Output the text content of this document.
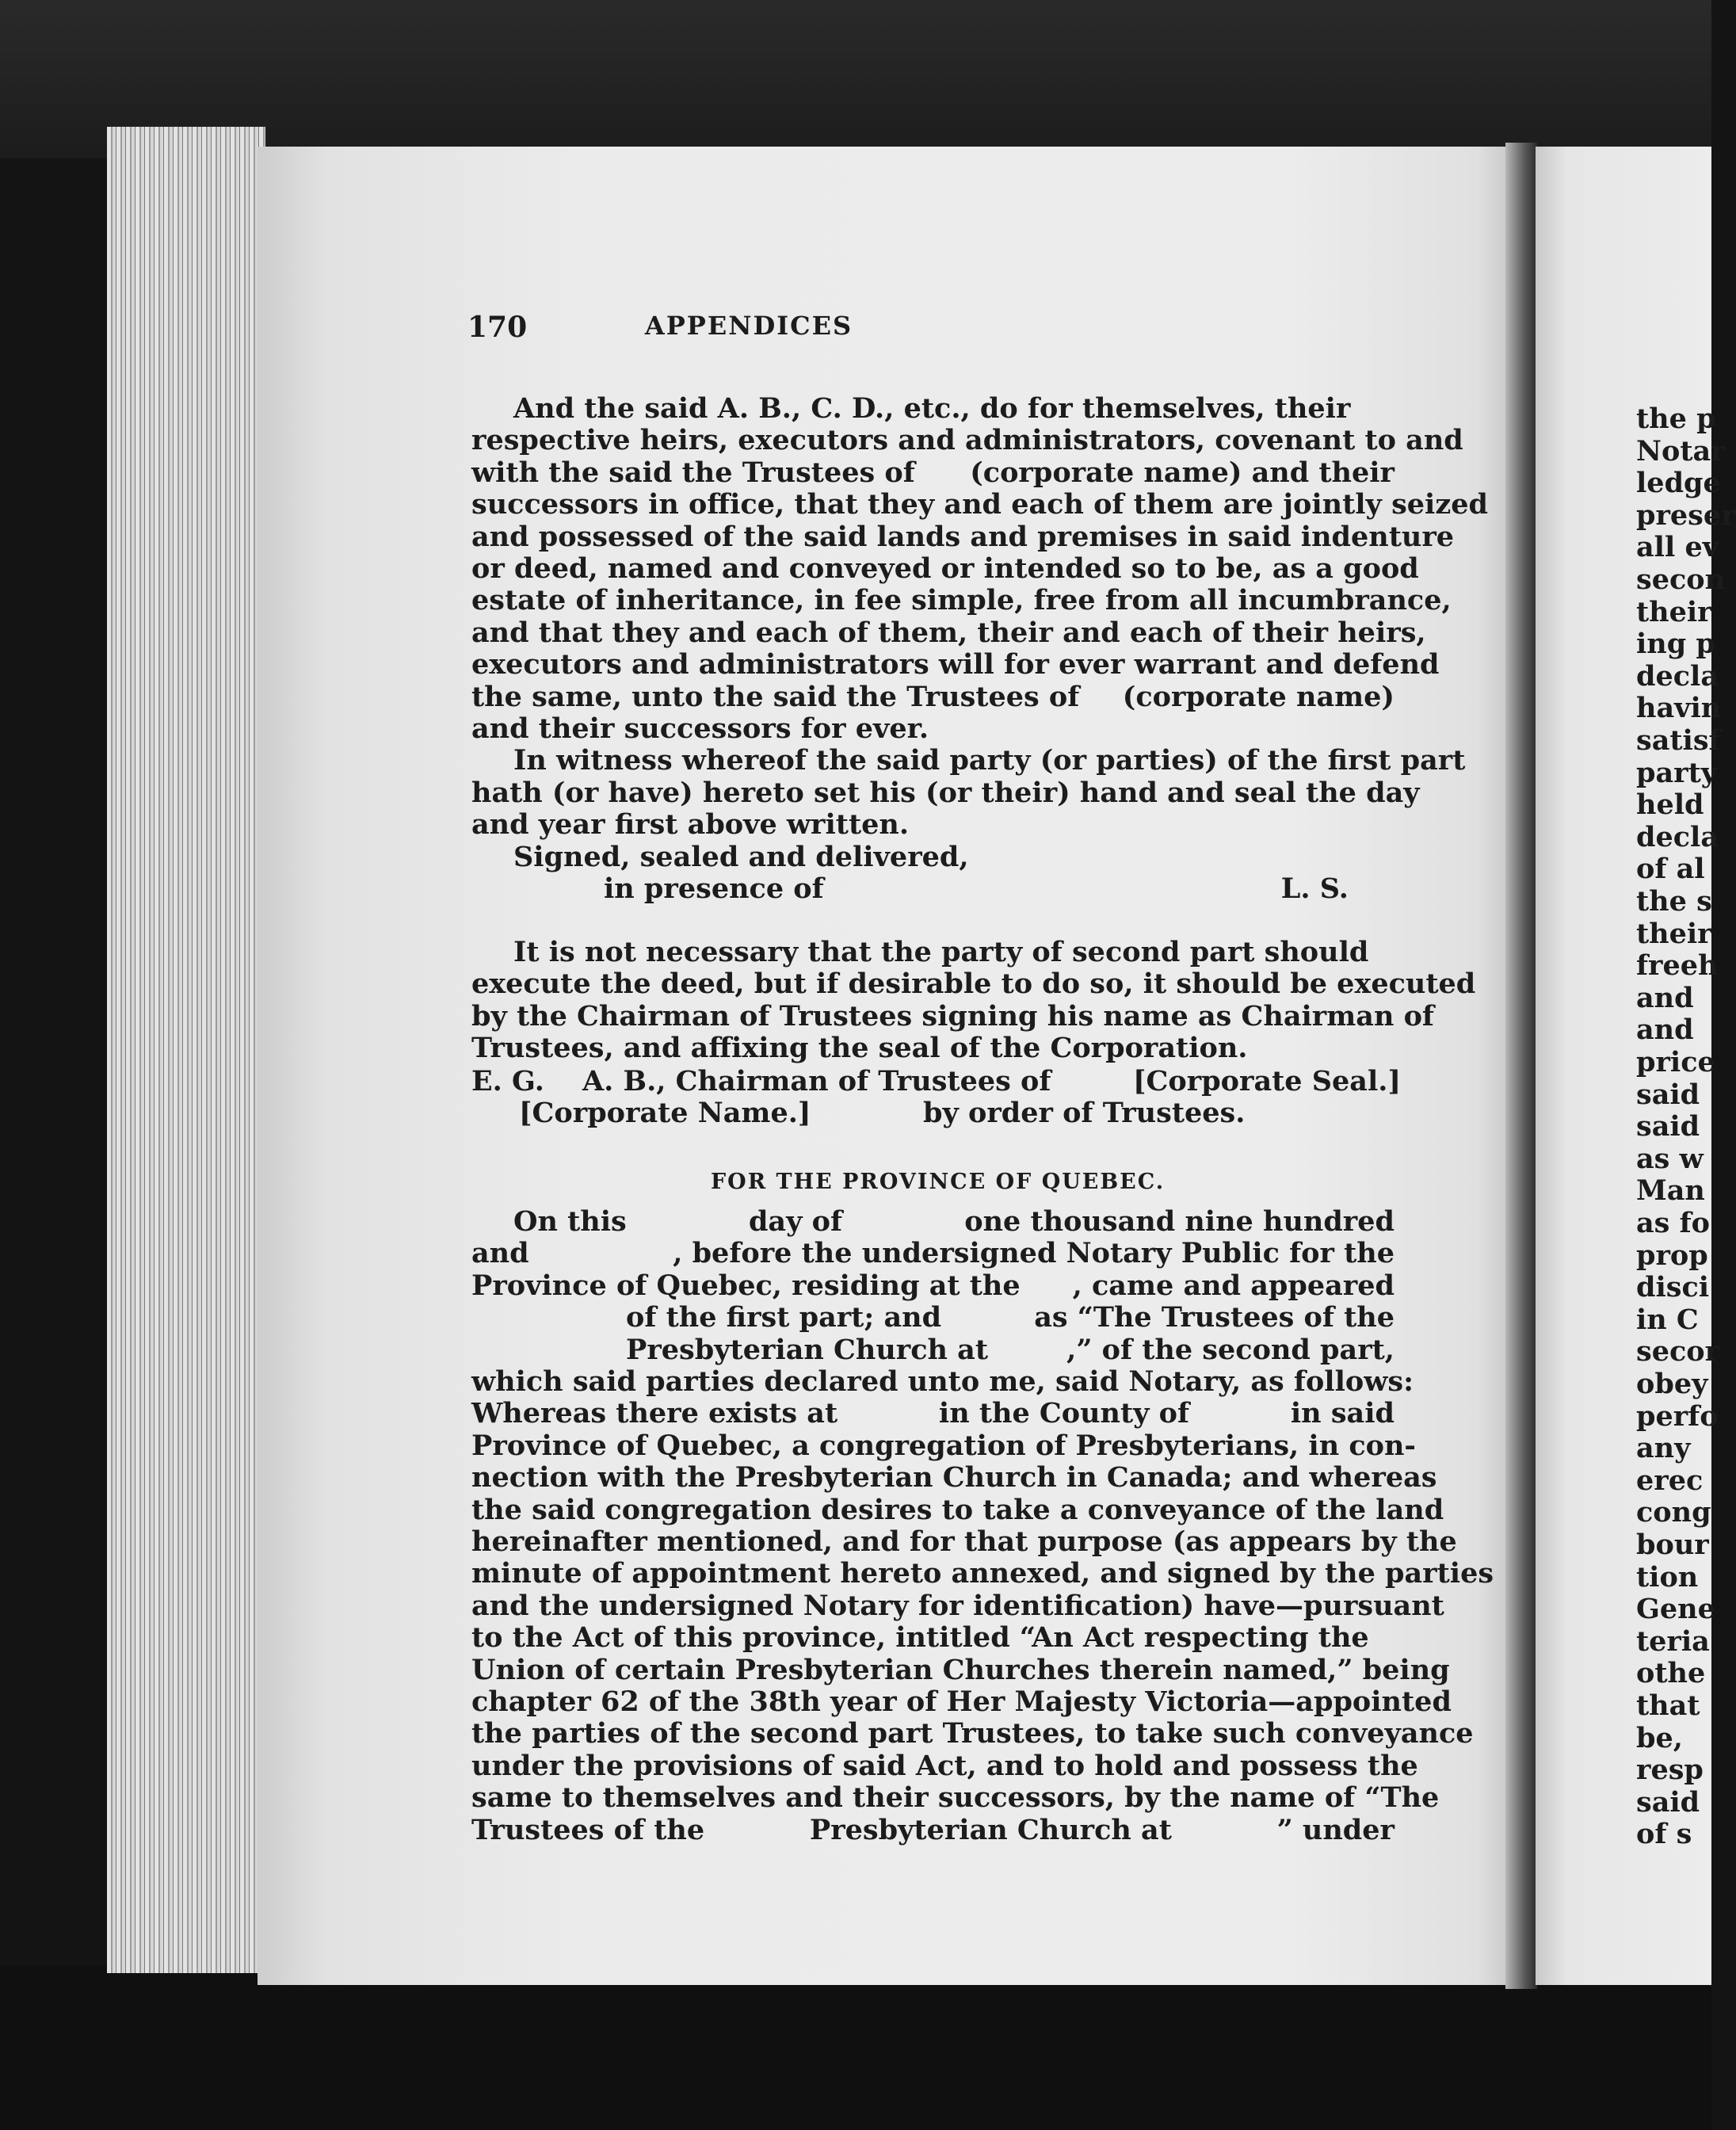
170	APPENDICES
And the said A. B., C. D., etc., do for themselves, their
respective heirs, executors and administrators, covenant to and
with the said the Trustees of (corporate name) and their
successors in office, that they and each of them are jointly seized
and possessed of the said lands and premises in said indenture
or deed, named and conveyed or intended so to be, as a good
estate of inheritance, in fee simple, free from all incumbrance,
and that they and each of them, their and each of their heirs,
executors and administrators will for ever warrant and defend
the same, unto the said the Trustees of (corporate name)
and their successors for ever.
In witness whereof the said party (or parties) of the first part
hath (or have) hereto set his (or their) hand and seal the day
and year first above written.
Signed, sealed and delivered,
in presence of	L. S.
It is not necessary that the party of second part should
execute the deed, but if desirable to do so, it should be executed
by the Chairman of Trustees signing his name as Chairman of
Trustees, and affixing the seal of the Corporation.
E. G. A. B., Chairman of Trustees of	[Corporate Seal.]
[Corporate Name.]	by order of Trustees.
On this	day of	one thousand nine hundred
and	, before the undersigned Notary Public for the
Province of Quebec, residing at the , came and appeared
of the first part; and	as “The Trustees of the
Presbyterian Church at	,” of the second part,
which said parties declared unto me, said Notary, as follows:
Whereas there exists at	in the County of	in said
Province of Quebec, a congregation of Presbyterians, in con-
nection with the Presbyterian Church in Canada; and whereas
the said congregation desires to take a conveyance of the land
hereinafter mentioned, and for that purpose (as appears by the
minute of appointment hereto annexed, and signed by the parties
and the undersigned Notary for identification) have—pursuant
to the Act of this province, intitled “An Act respecting the
Union of certain Presbyterian Churches therein named,” being
chapter 62 of the 38th year of Her Majesty Victoria—appointed
the parties of the second part Trustees, to take such conveyance
under the provisions of said Act, and to hold and possess the
same to themselves and their successors, by the name of “The
Trustees of the	Presbyterian Church at	” under
FOR THE PROVINCE OF QUEBEC.
the p
Notar
ledge
preser
all ev
secon
their
ing p
decla
havin
satisf
party
held
decla
of al
the s
their
freeh
and
and
price
said
said
as w
Man
as fo
prop
disci
in C
secor
obey
perfo
any
erec
cong
bour
tion
Gene
teria
othe
that
be,
resp
said
of s
